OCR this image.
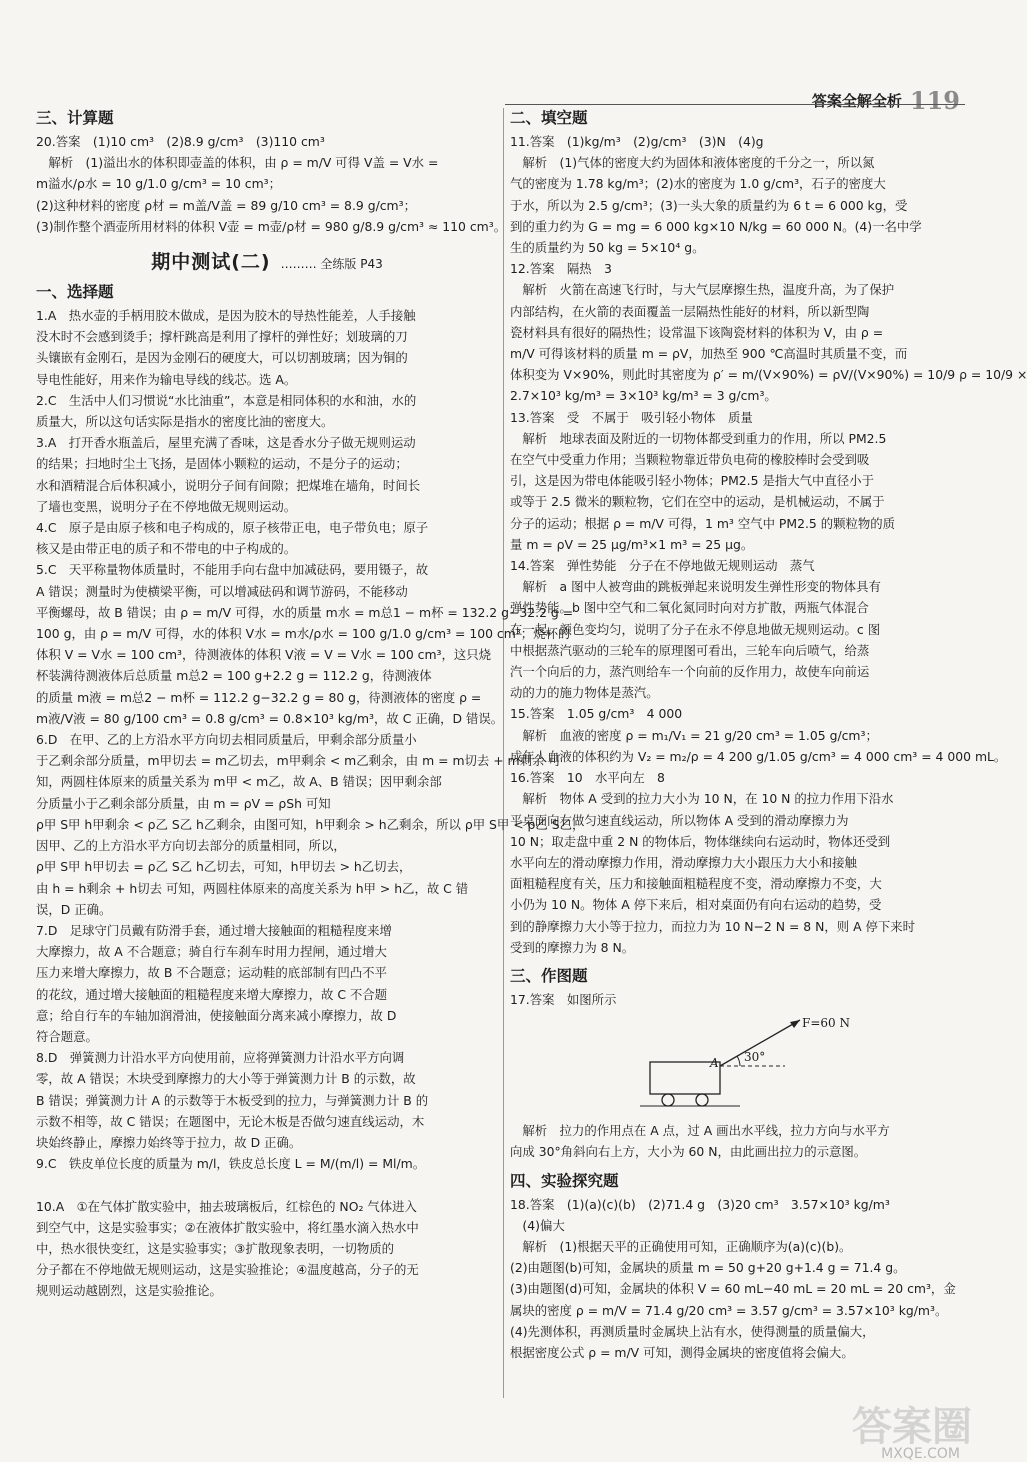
答案全解全析 119
三、计算题
20.答案　(1)10 cm³　(2)8.9 g/cm³　(3)110 cm³
　解析　(1)溢出水的体积即壶盖的体积，由 ρ = m/V 可得 V盖 = V水 =
m溢水/ρ水 = 10 g/1.0 g/cm³ = 10 cm³；
(2)这种材料的密度 ρ材 = m盖/V盖 = 89 g/10 cm³ = 8.9 g/cm³；
(3)制作整个酒壶所用材料的体积 V壶 = m壶/ρ材 = 980 g/8.9 g/cm³ ≈ 110 cm³。
期中测试(二) ……… 全练版 P43
一、选择题
1.A　热水壶的手柄用胶木做成，是因为胶木的导热性能差，人手接触
没木时不会感到烫手；撑杆跳高是利用了撑杆的弹性好；划玻璃的刀
头镶嵌有金刚石，是因为金刚石的硬度大，可以切割玻璃；因为铜的
导电性能好，用来作为输电导线的线芯。选 A。
2.C　生活中人们习惯说“水比油重”，本意是相同体积的水和油，水的
质量大，所以这句话实际是指水的密度比油的密度大。
3.A　打开香水瓶盖后，屋里充满了香味，这是香水分子做无规则运动
的结果；扫地时尘土飞扬，是固体小颗粒的运动，不是分子的运动；
水和酒精混合后体积减小，说明分子间有间隙；把煤堆在墙角，时间长
了墙也变黑，说明分子在不停地做无规则运动。
4.C　原子是由原子核和电子构成的，原子核带正电，电子带负电；原子
核又是由带正电的质子和不带电的中子构成的。
5.C　天平称量物体质量时，不能用手向右盘中加减砝码，要用镊子，故
A 错误；测量时为使横梁平衡，可以增减砝码和调节游码，不能移动
平衡螺母，故 B 错误；由 ρ = m/V 可得，水的质量 m水 = m总1 − m杯 = 132.2 g−32.2 g =
100 g，由 ρ = m/V 可得，水的体积 V水 = m水/ρ水 = 100 g/1.0 g/cm³ = 100 cm³；烧杯的
体积 V = V水 = 100 cm³，待测液体的体积 V液 = V = V水 = 100 cm³，这只烧
杯装满待测液体后总质量 m总2 = 100 g+2.2 g = 112.2 g，待测液体
的质量 m液 = m总2 − m杯 = 112.2 g−32.2 g = 80 g，待测液体的密度 ρ =
m液/V液 = 80 g/100 cm³ = 0.8 g/cm³ = 0.8×10³ kg/m³，故 C 正确，D 错误。
6.D　在甲、乙的上方沿水平方向切去相同质量后，甲剩余部分质量小
于乙剩余部分质量，m甲切去 = m乙切去，m甲剩余 < m乙剩余，由 m = m切去 + m剩余 可
知，两圆柱体原来的质量关系为 m甲 < m乙，故 A、B 错误；因甲剩余部
分质量小于乙剩余部分质量，由 m = ρV = ρSh 可知
ρ甲 S甲 h甲剩余 < ρ乙 S乙 h乙剩余，由图可知，h甲剩余 > h乙剩余，所以 ρ甲 S甲 < ρ乙 S乙，
因甲、乙的上方沿水平方向切去部分的质量相同，所以，
ρ甲 S甲 h甲切去 = ρ乙 S乙 h乙切去，可知，h甲切去 > h乙切去，
由 h = h剩余 + h切去 可知，两圆柱体原来的高度关系为 h甲 > h乙，故 C 错
误，D 正确。
7.D　足球守门员戴有防滑手套，通过增大接触面的粗糙程度来增
大摩擦力，故 A 不合题意；骑自行车刹车时用力捏闸，通过增大
压力来增大摩擦力，故 B 不合题意；运动鞋的底部制有凹凸不平
的花纹，通过增大接触面的粗糙程度来增大摩擦力，故 C 不合题
意；给自行车的车轴加润滑油，使接触面分离来减小摩擦力，故 D
符合题意。
8.D　弹簧测力计沿水平方向使用前，应将弹簧测力计沿水平方向调
零，故 A 错误；木块受到摩擦力的大小等于弹簧测力计 B 的示数，故
B 错误；弹簧测力计 A 的示数等于木板受到的拉力，与弹簧测力计 B 的
示数不相等，故 C 错误；在题图中，无论木板是否做匀速直线运动，木
块始终静止，摩擦力始终等于拉力，故 D 正确。
9.C　铁皮单位长度的质量为 m/l，铁皮总长度 L = M/(m/l) = Ml/m。

10.A　①在气体扩散实验中，抽去玻璃板后，红棕色的 NO₂ 气体进入
到空气中，这是实验事实；②在液体扩散实验中，将红墨水滴入热水中
中，热水很快变红，这是实验事实；③扩散现象表明，一切物质的
分子都在不停地做无规则运动，这是实验推论；④温度越高，分子的无
规则运动越剧烈，这是实验推论。
二、填空题
11.答案　(1)kg/m³　(2)g/cm³　(3)N　(4)g
　解析　(1)气体的密度大约为固体和液体密度的千分之一，所以氮
气的密度为 1.78 kg/m³；(2)水的密度为 1.0 g/cm³，石子的密度大
于水，所以为 2.5 g/cm³；(3)一头大象的质量约为 6 t = 6 000 kg，受
到的重力约为 G = mg = 6 000 kg×10 N/kg = 60 000 N。(4)一名中学
生的质量约为 50 kg = 5×10⁴ g。
12.答案　隔热　3
　解析　火箭在高速飞行时，与大气层摩擦生热，温度升高，为了保护
内部结构，在火箭的表面覆盖一层隔热性能好的材料，所以新型陶
瓷材料具有很好的隔热性；设常温下该陶瓷材料的体积为 V，由 ρ =
m/V 可得该材料的质量 m = ρV，加热至 900 ℃高温时其质量不变，而
体积变为 V×90%，则此时其密度为 ρ′ = m/(V×90%) = ρV/(V×90%) = 10/9 ρ = 10/9 ×
2.7×10³ kg/m³ = 3×10³ kg/m³ = 3 g/cm³。
13.答案　受　不属于　吸引轻小物体　质量
　解析　地球表面及附近的一切物体都受到重力的作用，所以 PM2.5
在空气中受重力作用；当颗粒物靠近带负电荷的橡胶棒时会受到吸
引，这是因为带电体能吸引轻小物体；PM2.5 是指大气中直径小于
或等于 2.5 微米的颗粒物，它们在空中的运动，是机械运动，不属于
分子的运动；根据 ρ = m/V 可得，1 m³ 空气中 PM2.5 的颗粒物的质
量 m = ρV = 25 μg/m³×1 m³ = 25 μg。
14.答案　弹性势能　分子在不停地做无规则运动　蒸气
　解析　a 图中人被弯曲的跳板弹起来说明发生弹性形变的物体具有
弹性势能。b 图中空气和二氧化氮同时向对方扩散，两瓶气体混合
在一起，颜色变均匀，说明了分子在永不停息地做无规则运动。c 图
中根据蒸汽驱动的三轮车的原理图可看出，三轮车向后喷气，给蒸
汽一个向后的力，蒸汽则给车一个向前的反作用力，故使车向前运
动的力的施力物体是蒸汽。
15.答案　1.05 g/cm³　4 000
　解析　血液的密度 ρ = m₁/V₁ = 21 g/20 cm³ = 1.05 g/cm³；
成年人血液的体积约为 V₂ = m₂/ρ = 4 200 g/1.05 g/cm³ = 4 000 cm³ = 4 000 mL。
16.答案　10　水平向左　8
　解析　物体 A 受到的拉力大小为 10 N，在 10 N 的拉力作用下沿水
平桌面向右做匀速直线运动，所以物体 A 受到的滑动摩擦力为
10 N；取走盘中重 2 N 的物体后，物体继续向右运动时，物体还受到
水平向左的滑动摩擦力作用，滑动摩擦力大小跟压力大小和接触
面粗糙程度有关，压力和接触面粗糙程度不变，滑动摩擦力不变，大
小仍为 10 N。物体 A 停下来后，相对桌面仍有向右运动的趋势，受
到的静摩擦力大小等于拉力，而拉力为 10 N−2 N = 8 N，则 A 停下来时
受到的摩擦力为 8 N。
三、作图题
17.答案　如图所示
F=60 N
A 30°
　解析　拉力的作用点在 A 点，过 A 画出水平线，拉力方向与水平方
向成 30°角斜向右上方，大小为 60 N，由此画出拉力的示意图。
四、实验探究题
18.答案　(1)(a)(c)(b)　(2)71.4 g　(3)20 cm³　3.57×10³ kg/m³
　(4)偏大
　解析　(1)根据天平的正确使用可知，正确顺序为(a)(c)(b)。
(2)由题图(b)可知，金属块的质量 m = 50 g+20 g+1.4 g = 71.4 g。
(3)由题图(d)可知，金属块的体积 V = 60 mL−40 mL = 20 mL = 20 cm³，金
属块的密度 ρ = m/V = 71.4 g/20 cm³ = 3.57 g/cm³ = 3.57×10³ kg/m³。
(4)先测体积，再测质量时金属块上沾有水，使得测量的质量偏大，
根据密度公式 ρ = m/V 可知，测得金属块的密度值将会偏大。
答案圈
MXQE.COM
